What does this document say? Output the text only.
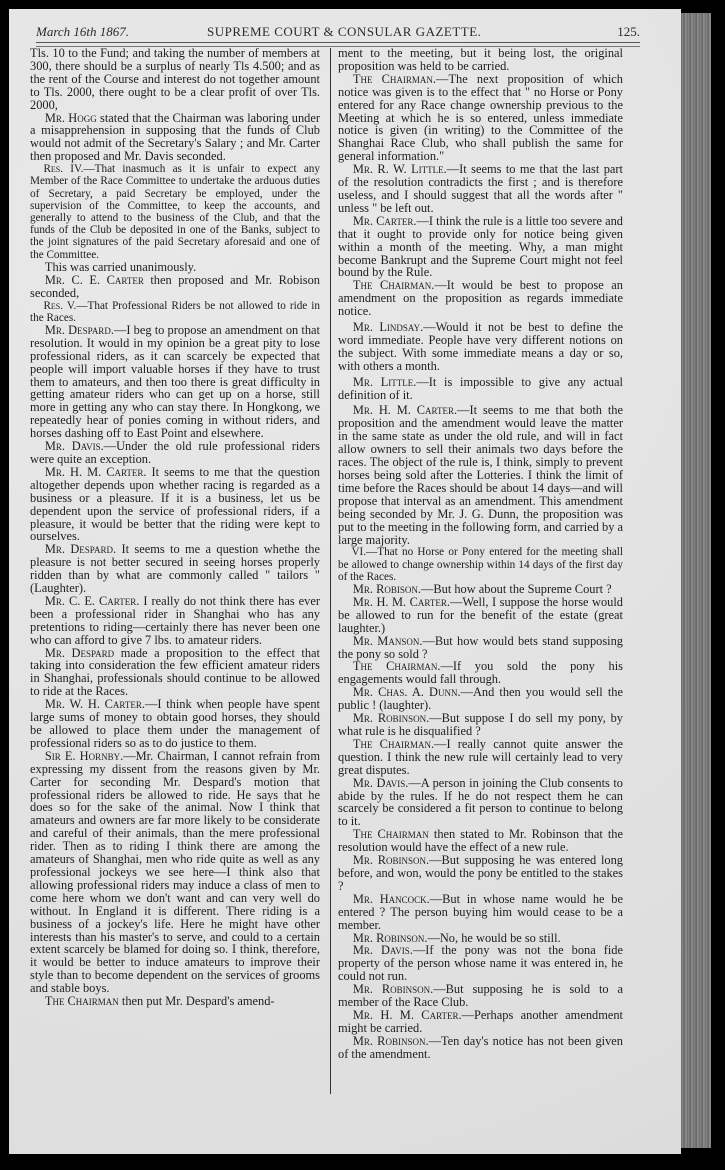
March 16th 1867.	SUPREME COURT & CONSULAR GAZETTE.	125.

Tls. 10 to the Fund; and taking the number of members at 300, there should be a surplus of nearly Tls 4.500; and as the rent of the Course and interest do not together amount to Tls. 2000, there ought to be a clear profit of over Tls. 2000,

Mr. Hogg stated that the Chairman was laboring under a misapprehension in supposing that the funds of Club would not admit of the Secretary's Salary ; and Mr. Carter then proposed and Mr. Davis seconded.

Res. IV.—That inasmuch as it is unfair to expect any Member of the Race Committee to undertake the arduous duties of Secretary, a paid Secretary be employed, under the supervision of the Committee, to keep the accounts, and generally to attend to the business of the Club, and that the funds of the Club be deposited in one of the Banks, subject to the joint signatures of the paid Secretary aforesaid and one of the Committee.

This was carried unanimously.

Mr. C. E. Carter then proposed and Mr. Robison seconded,

Res. V.—That Professional Riders be not allowed to ride in the Races.

Mr. Despard.—I beg to propose an amendment on that resolution. It would in my opinion be a great pity to lose professional riders, as it can scarcely be expected that people will import valuable horses if they have to trust them to amateurs, and then too there is great difficulty in getting amateur riders who can get up on a horse, still more in getting any who can stay there. In Hongkong, we repeatedly hear of ponies coming in without riders, and horses dashing off to East Point and elsewhere.

Mr. Davis.—Under the old rule professional riders were quite an exception.

Mr. H. M. Carter. It seems to me that the question altogether depends upon whether racing is regarded as a business or a pleasure. If it is a business, let us be dependent upon the service of professional riders, if a pleasure, it would be better that the riding were kept to ourselves.

Mr. Despard. It seems to me a question whethe the pleasure is not better secured in seeing horses properly ridden than by what are commonly called " tailors " (Laughter).

Mr. C. E. Carter. I really do not think there has ever been a professional rider in Shanghai who has any pretentions to riding—certainly there has never been one who can afford to give 7 lbs. to amateur riders.

Mr. Despard made a proposition to the effect that taking into consideration the few efficient amateur riders in Shanghai, professionals should continue to be allowed to ride at the Races.

Mr. W. H. Carter.—I think when people have spent large sums of money to obtain good horses, they should be allowed to place them under the management of professional riders so as to do justice to them.

Sir E. Hornby.—Mr. Chairman, I cannot refrain from expressing my dissent from the reasons given by Mr. Carter for seconding Mr. Despard's motion that professional riders be allowed to ride. He says that he does so for the sake of the animal. Now I think that amateurs and owners are far more likely to be considerate and careful of their animals, than the mere professional rider. Then as to riding I think there are among the amateurs of Shanghai, men who ride quite as well as any professional jockeys we see here—I think also that allowing professional riders may induce a class of men to come here whom we don't want and can very well do without. In England it is different. There riding is a business of a jockey's life. Here he might have other interests than his master's to serve, and could to a certain extent scarcely be blamed for doing so. I think, therefore, it would be better to induce amateurs to improve their style than to become dependent on the services of grooms and stable boys.

The Chairman then put Mr. Despard's amend-

ment to the meeting, but it being lost, the original proposition was held to be carried.

The Chairman.—The next proposition of which notice was given is to the effect that " no Horse or Pony entered for any Race change ownership previous to the Meeting at which he is so entered, unless immediate notice is given (in writing) to the Committee of the Shanghai Race Club, who shall publish the same for general information."

Mr. R. W. Little.—It seems to me that the last part of the resolution contradicts the first ; and is therefore useless, and I should suggest that all the words after " unless " be left out.

Mr. Carter.—I think the rule is a little too severe and that it ought to provide only for notice being given within a month of the meeting. Why, a man might become Bankrupt and the Supreme Court might not feel bound by the Rule.

The Chairman.—It would be best to propose an amendment on the proposition as regards immediate notice.

Mr. Lindsay.—Would it not be best to define the word immediate. People have very different notions on the subject. With some immediate means a day or so, with others a month.

Mr. Little.—It is impossible to give any actual definition of it.

Mr. H. M. Carter.—It seems to me that both the proposition and the amendment would leave the matter in the same state as under the old rule, and will in fact allow owners to sell their animals two days before the races. The object of the rule is, I think, simply to prevent horses being sold after the Lotteries. I think the limit of time before the Races should be about 14 days—and will propose that interval as an amendment. This amendment being seconded by Mr. J. G. Dunn, the proposition was put to the meeting in the following form, and carried by a large majority.

VI.—That no Horse or Pony entered for the meeting shall be allowed to change ownership within 14 days of the first day of the Races.

Mr. Robison.—But how about the Supreme Court ?

Mr. H. M. Carter.—Well, I suppose the horse would be allowed to run for the benefit of the estate (great laughter.)

Mr. Manson.—But how would bets stand supposing the pony so sold ?

The Chairman.—If you sold the pony his engagements would fall through.

Mr. Chas. A. Dunn.—And then you would sell the public ! (laughter).

Mr. Robinson.—But suppose I do sell my pony, by what rule is he disqualified ?

The Chairman.—I really cannot quite answer the question. I think the new rule will certainly lead to very great disputes.

Mr. Davis.—A person in joining the Club consents to abide by the rules. If he do not respect them he can scarcely be considered a fit person to continue to belong to it.

The Chairman then stated to Mr. Robinson that the resolution would have the effect of a new rule.

Mr. Robinson.—But supposing he was entered long before, and won, would the pony be entitled to the stakes ?

Mr. Hancock.—But in whose name would he be entered ? The person buying him would cease to be a member.

Mr. Robinson.—No, he would be so still.

Mr. Davis.—If the pony was not the bona fide property of the person whose name it was entered in, he could not run.

Mr. Robinson.—But supposing he is sold to a member of the Race Club.

Mr. H. M. Carter.—Perhaps another amendment might be carried.

Mr. Robinson.—Ten day's notice has not been given of the amendment.
